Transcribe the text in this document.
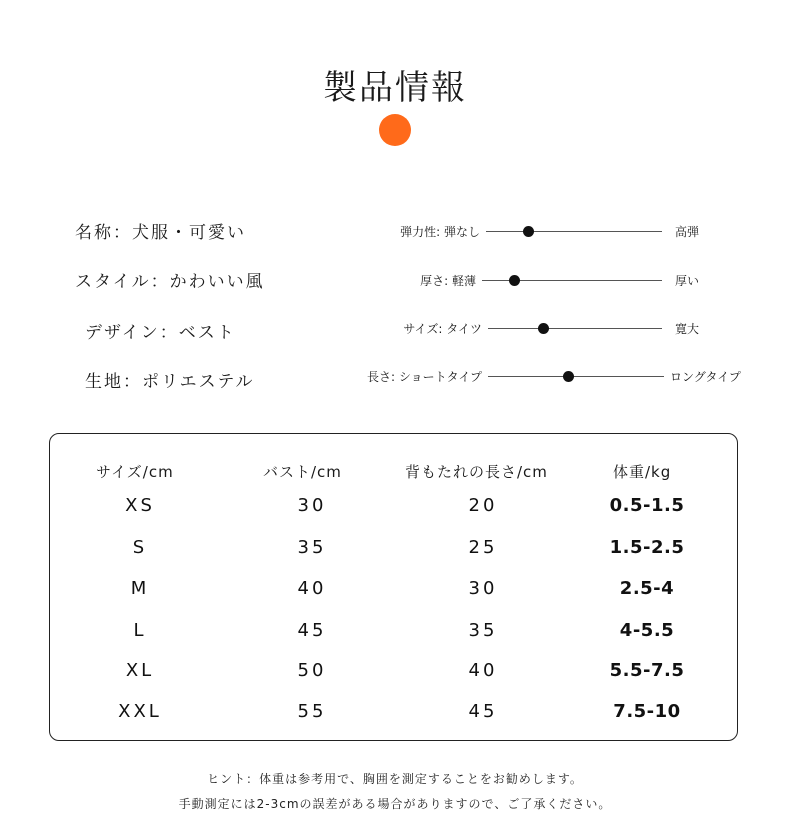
製品情報
名称：犬服・可愛い
スタイル：かわいい風
デザイン：ベスト
生地：ポリエステル
弾力性: 弾なし	高弾
厚さ: 軽薄	厚い
サイズ: タイツ	寛大
長さ: ショートタイプ	ロングタイプ
サイズ/cm	バスト/cm	背もたれの長さ/cm	体重/kg
XS	30	20	0.5-1.5
S	35	25	1.5-2.5
M	40	30	2.5-4
L	45	35	4-5.5
XL	50	40	5.5-7.5
XXL	55	45	7.5-10
ヒント：体重は参考用で、胸囲を測定することをお勧めします。
手動測定には2-3cmの誤差がある場合がありますので、ご了承ください。
